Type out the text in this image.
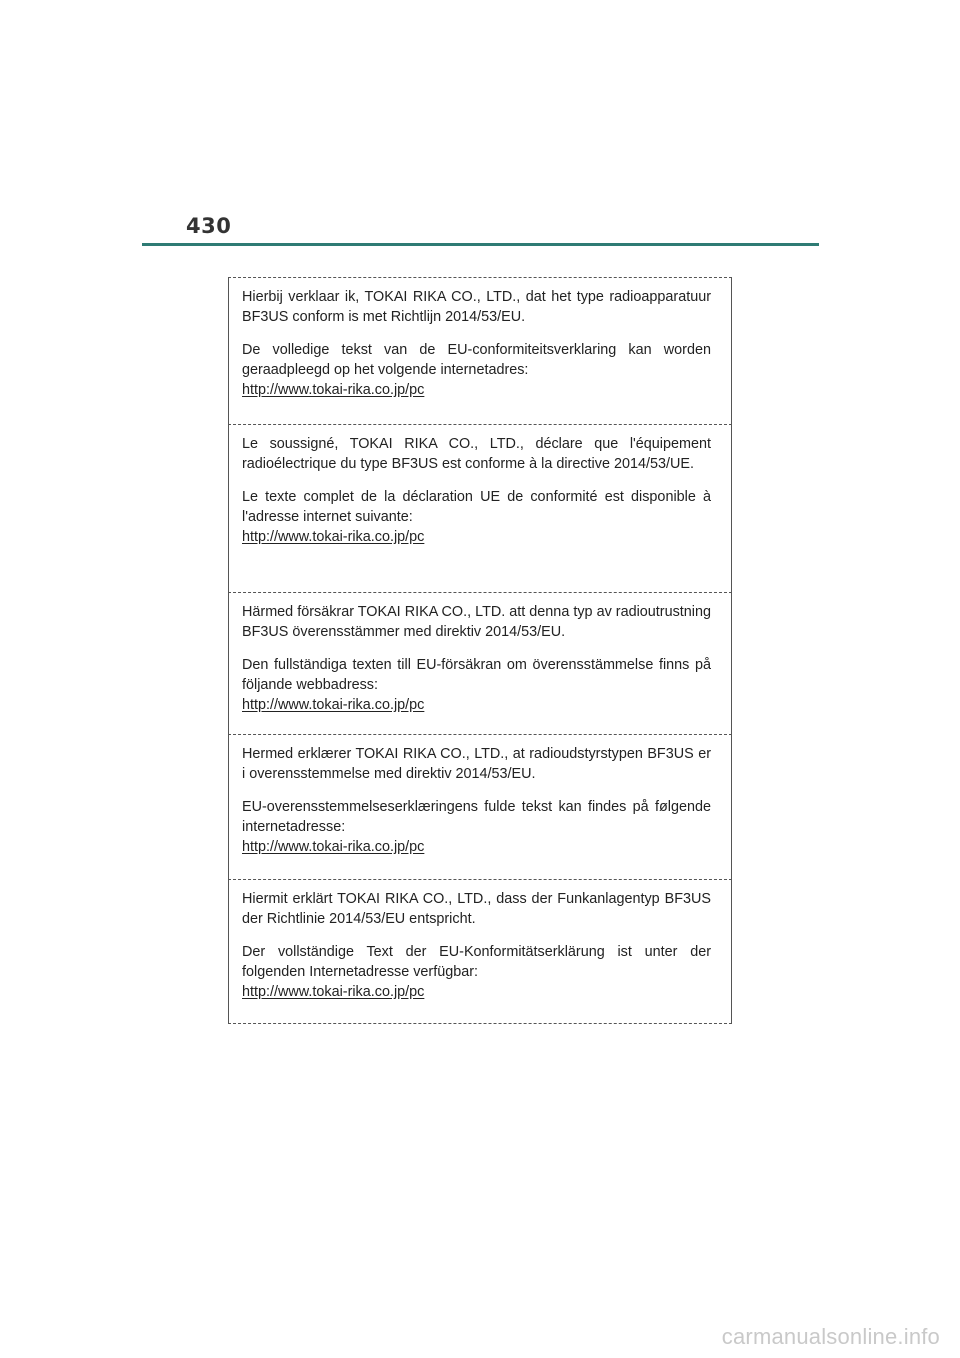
430

Hierbij verklaar ik, TOKAI RIKA CO., LTD., dat het type radioapparatuur BF3US conform is met Richtlijn 2014/53/EU.

De volledige tekst van de EU-conformiteitsverklaring kan worden geraadpleegd op het volgende internetadres:

http://www.tokai-rika.co.jp/pc

Le soussigné, TOKAI RIKA CO., LTD., déclare que l'équipement radioélectrique du type BF3US est conforme à la directive 2014/53/UE.

Le texte complet de la déclaration UE de conformité est disponible à l'adresse internet suivante:

http://www.tokai-rika.co.jp/pc

Härmed försäkrar TOKAI RIKA CO., LTD. att denna typ av radioutrustning BF3US överensstämmer med direktiv 2014/53/EU.

Den fullständiga texten till EU-försäkran om överensstämmelse finns på följande webbadress:

http://www.tokai-rika.co.jp/pc

Hermed erklærer TOKAI RIKA CO., LTD., at radioudstyrstypen BF3US er i overensstemmelse med direktiv 2014/53/EU.

EU-overensstemmelseserklæringens fulde tekst kan findes på følgende internetadresse:

http://www.tokai-rika.co.jp/pc

Hiermit erklärt TOKAI RIKA CO., LTD., dass der Funkanlagentyp BF3US der Richtlinie 2014/53/EU entspricht.

Der vollständige Text der EU-Konformitätserklärung ist unter der folgenden Internetadresse verfügbar:

http://www.tokai-rika.co.jp/pc
carmanualsonline.info
